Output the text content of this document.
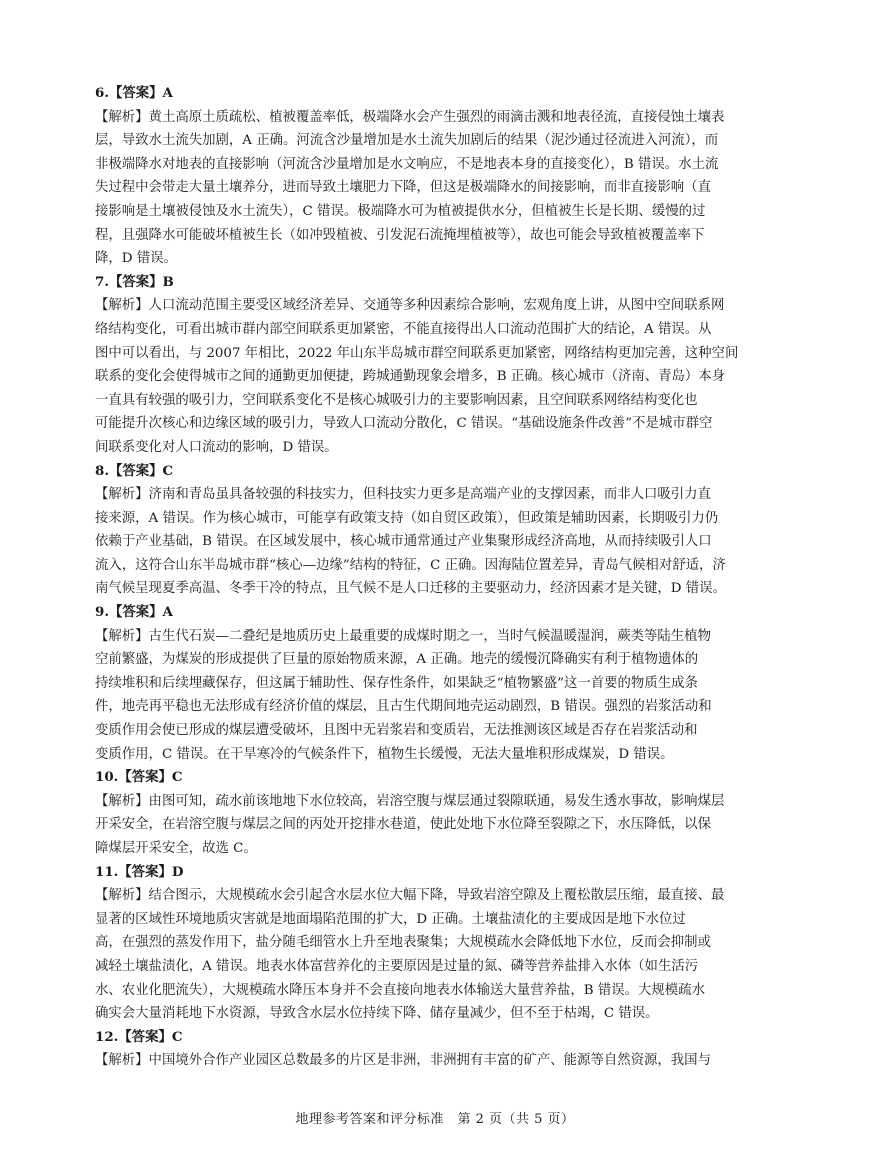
6.【答案】A
【解析】黄土高原土质疏松、植被覆盖率低，极端降水会产生强烈的雨滴击溅和地表径流，直接侵蚀土壤表
层，导致水土流失加剧，A 正确。河流含沙量增加是水土流失加剧后的结果（泥沙通过径流进入河流），而
非极端降水对地表的直接影响（河流含沙量增加是水文响应，不是地表本身的直接变化），B 错误。水土流
失过程中会带走大量土壤养分，进而导致土壤肥力下降，但这是极端降水的间接影响，而非直接影响（直
接影响是土壤被侵蚀及水土流失），C 错误。极端降水可为植被提供水分，但植被生长是长期、缓慢的过
程，且强降水可能破坏植被生长（如冲毁植被、引发泥石流掩埋植被等），故也可能会导致植被覆盖率下
降，D 错误。
7.【答案】B
【解析】人口流动范围主要受区域经济差异、交通等多种因素综合影响，宏观角度上讲，从图中空间联系网
络结构变化，可看出城市群内部空间联系更加紧密，不能直接得出人口流动范围扩大的结论，A 错误。从
图中可以看出，与 2007 年相比，2022 年山东半岛城市群空间联系更加紧密，网络结构更加完善，这种空间
联系的变化会使得城市之间的通勤更加便捷，跨城通勤现象会增多，B 正确。核心城市（济南、青岛）本身
一直具有较强的吸引力，空间联系变化不是核心城吸引力的主要影响因素，且空间联系网络结构变化也
可能提升次核心和边缘区域的吸引力，导致人口流动分散化，C 错误。“基础设施条件改善”不是城市群空
间联系变化对人口流动的影响，D 错误。
8.【答案】C
【解析】济南和青岛虽具备较强的科技实力，但科技实力更多是高端产业的支撑因素，而非人口吸引力直
接来源，A 错误。作为核心城市，可能享有政策支持（如自贸区政策），但政策是辅助因素，长期吸引力仍
依赖于产业基础，B 错误。在区域发展中，核心城市通常通过产业集聚形成经济高地，从而持续吸引人口
流入，这符合山东半岛城市群“核心—边缘”结构的特征，C 正确。因海陆位置差异，青岛气候相对舒适，济
南气候呈现夏季高温、冬季干冷的特点，且气候不是人口迁移的主要驱动力，经济因素才是关键，D 错误。
9.【答案】A
【解析】古生代石炭—二叠纪是地质历史上最重要的成煤时期之一，当时气候温暖湿润，蕨类等陆生植物
空前繁盛，为煤炭的形成提供了巨量的原始物质来源，A 正确。地壳的缓慢沉降确实有利于植物遗体的
持续堆积和后续埋藏保存，但这属于辅助性、保存性条件，如果缺乏“植物繁盛”这一首要的物质生成条
件，地壳再平稳也无法形成有经济价值的煤层，且古生代期间地壳运动剧烈，B 错误。强烈的岩浆活动和
变质作用会使已形成的煤层遭受破坏，且图中无岩浆岩和变质岩，无法推测该区域是否存在岩浆活动和
变质作用，C 错误。在干旱寒冷的气候条件下，植物生长缓慢，无法大量堆积形成煤炭，D 错误。
10.【答案】C
【解析】由图可知，疏水前该地地下水位较高，岩溶空腹与煤层通过裂隙联通，易发生透水事故，影响煤层
开采安全，在岩溶空腹与煤层之间的丙处开挖排水巷道，使此处地下水位降至裂隙之下，水压降低，以保
障煤层开采安全，故选 C。
11.【答案】D
【解析】结合图示，大规模疏水会引起含水层水位大幅下降，导致岩溶空隙及上覆松散层压缩，最直接、最
显著的区域性环境地质灾害就是地面塌陷范围的扩大，D 正确。土壤盐渍化的主要成因是地下水位过
高，在强烈的蒸发作用下，盐分随毛细管水上升至地表聚集；大规模疏水会降低地下水位，反而会抑制或
减轻土壤盐渍化，A 错误。地表水体富营养化的主要原因是过量的氮、磷等营养盐排入水体（如生活污
水、农业化肥流失），大规模疏水降压本身并不会直接向地表水体输送大量营养盐，B 错误。大规模疏水
确实会大量消耗地下水资源，导致含水层水位持续下降、储存量减少，但不至于枯竭，C 错误。
12.【答案】C
【解析】中国境外合作产业园区总数最多的片区是非洲，非洲拥有丰富的矿产、能源等自然资源，我国与
地理参考答案和评分标准　第 2 页（共 5 页）
